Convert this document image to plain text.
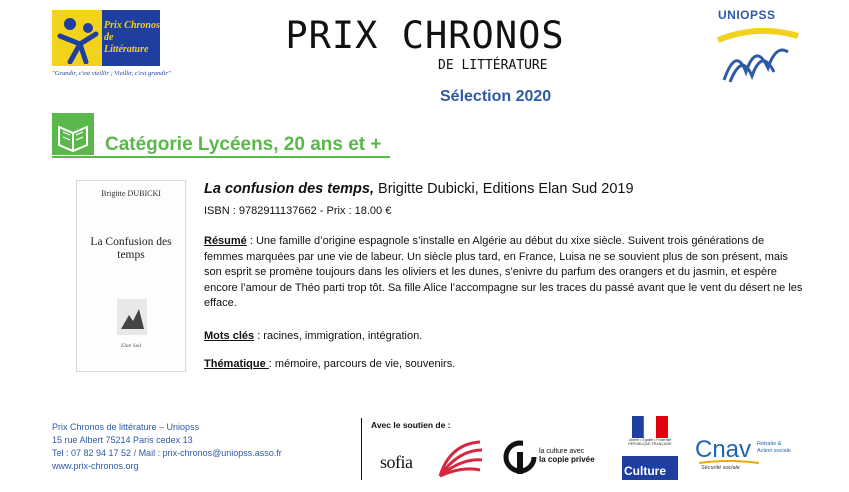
Prix Chronos de Littérature
"Grandir, c'est vieillir ; Vieillir, c'est grandir"
PRIX CHRONOS
DE LITTÉRATURE
Sélection 2020
UNIOPSS
Catégorie Lycéens, 20 ans et +
Brigitte DUBICKI
La Confusion des temps
Elan Sud
La confusion des temps, Brigitte Dubicki, Editions Elan Sud 2019
ISBN : 9782911137662 - Prix : 18.00 €
Résumé : Une famille d’origine espagnole s’installe en Algérie au début du xixe siècle. Suivent trois générations de femmes marquées par une vie de labeur. Un siècle plus tard, en France, Luisa ne se souvient plus de son présent, mais son esprit se promène toujours dans les oliviers et les dunes, s’enivre du parfum des orangers et du jasmin, et espère encore l’amour de Théo parti trop tôt. Sa fille Alice l’accompagne sur les traces du passé avant que le vent du désert ne les efface.
Mots clés : racines, immigration, intégration.
Thématique : mémoire, parcours de vie, souvenirs.
Prix Chronos de littérature – Uniopss
15 rue Albert 75214 Paris cedex 13
Tel : 07 82 94 17 52 / Mail : prix-chronos@uniopss.asso.fr
www.prix-chronos.org
Avec le soutien de :
sofia
la culture avec
la copie privée
Liberté • Égalité • Fraternité RÉPUBLIQUE FRANÇAISE
Culture
Cnav Retraite & Action sociale
Sécurité sociale
